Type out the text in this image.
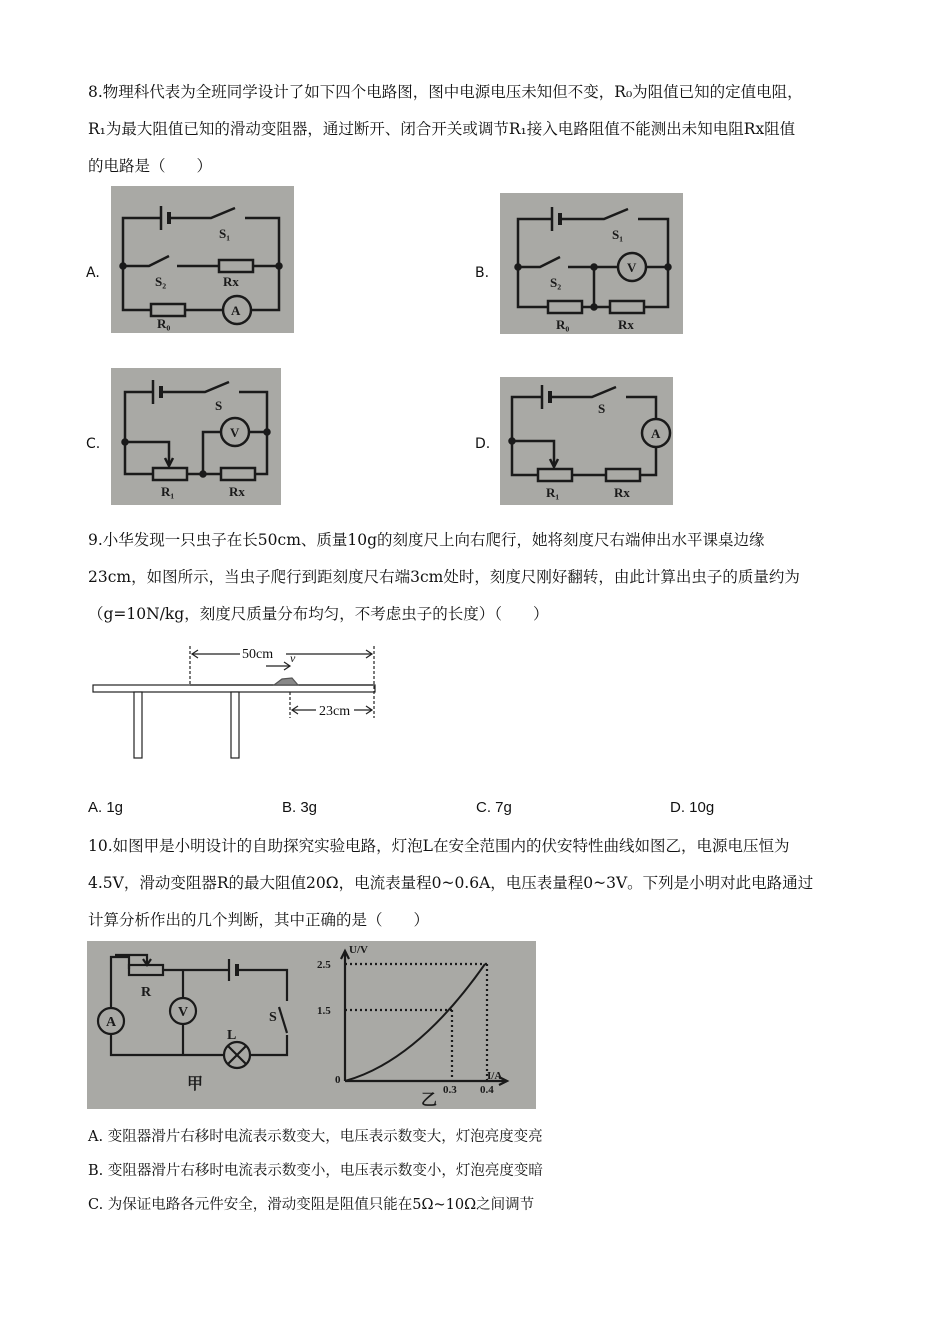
8.物理科代表为全班同学设计了如下四个电路图，图中电源电压未知但不变，R₀为阻值已知的定值电阻，
R₁为最大阻值已知的滑动变阻器，通过断开、闭合开关或调节R₁接入电路阻值不能测出未知电阻Rx阻值
的电路是（　　）
A.	B.
C.	D.
S₁
S₂	Rx
R₀
A
S₁
S₂
V
R₀	Rx
S
V
R₁	Rx
S
A
R₁	Rx
9.小华发现一只虫子在长50cm、质量10g的刻度尺上向右爬行，她将刻度尺右端伸出水平课桌边缘
23cm，如图所示，当虫子爬行到距刻度尺右端3cm处时，刻度尺刚好翻转，由此计算出虫子的质量约为
（g=10N/kg，刻度尺质量分布均匀，不考虑虫子的长度）（　　）
50cm
23cm
v
A. 1g	B. 3g	C. 7g	D. 10g
10.如图甲是小明设计的自助探究实验电路，灯泡L在安全范围内的伏安特性曲线如图乙，电源电压恒为
4.5V，滑动变阻器R的最大阻值20Ω，电流表量程0~0.6A，电压表量程0~3V。下列是小明对此电路通过
计算分析作出的几个判断，其中正确的是（　　）
R
A
V	S
L
甲
乙
U/V
I/A
0
2.5
1.5
0.3 0.4
A. 变阻器滑片右移时电流表示数变大，电压表示数变大，灯泡亮度变亮
B. 变阻器滑片右移时电流表示数变小，电压表示数变小，灯泡亮度变暗
C. 为保证电路各元件安全，滑动变阻是阻值只能在5Ω~10Ω之间调节
